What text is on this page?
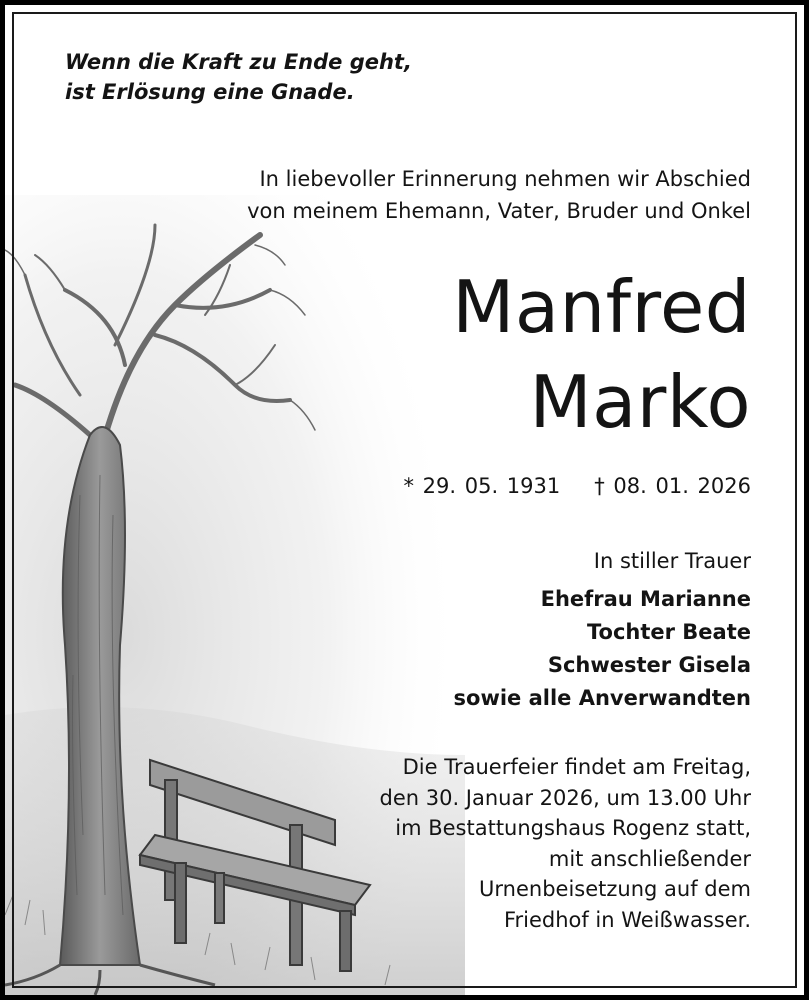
Wenn die Kraft zu Ende geht,
ist Erlösung eine Gnade.
In liebevoller Erinnerung nehmen wir Abschied
von meinem Ehemann, Vater, Bruder und Onkel
Manfred
Marko
* 29. 05. 1931 † 08. 01. 2026
In stiller Trauer
Ehefrau Marianne
Tochter Beate
Schwester Gisela
sowie alle Anverwandten
Die Trauerfeier findet am Freitag,
den 30. Januar 2026, um 13.00 Uhr
im Bestattungshaus Rogenz statt,
mit anschließender
Urnenbeisetzung auf dem
Friedhof in Weißwasser.
